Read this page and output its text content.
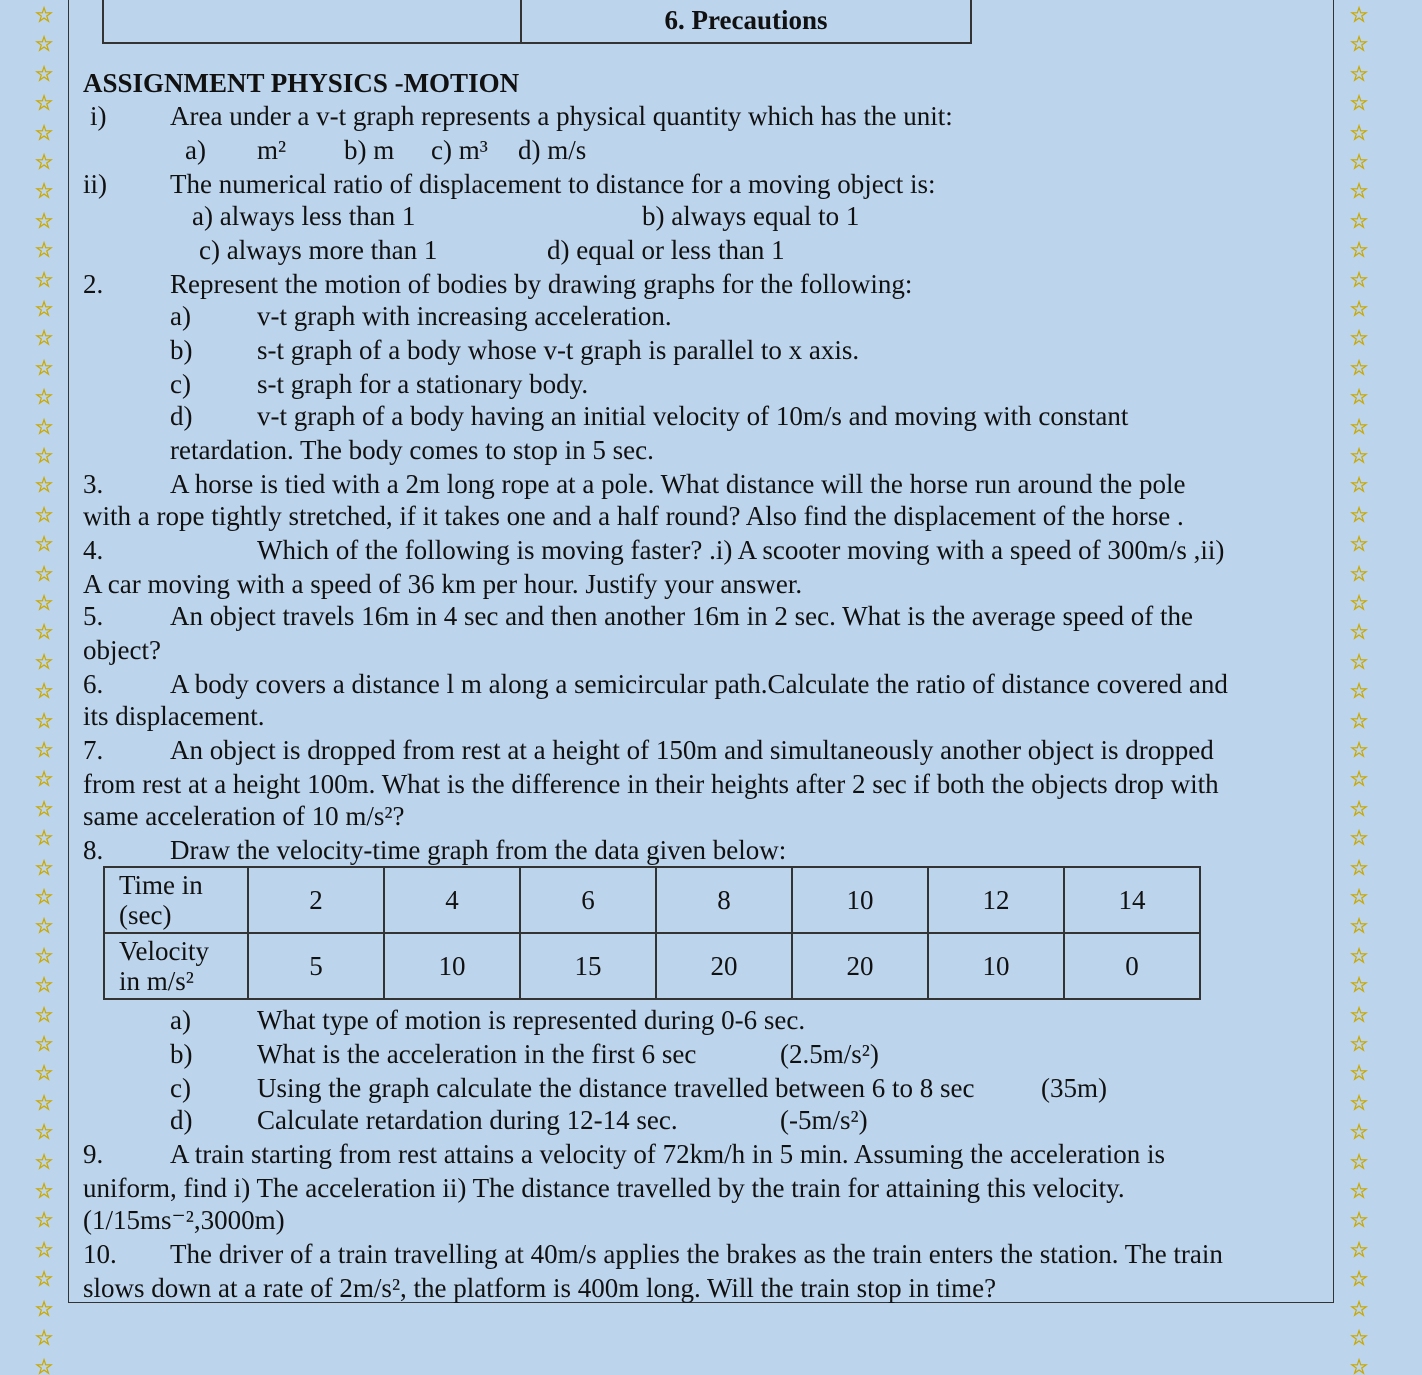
☆
☆
☆
☆
☆
☆
☆
☆
☆
☆
☆
☆
☆
☆
☆
☆
☆
☆
☆
☆
☆
☆
☆
☆
☆
☆
☆
☆
☆
☆
☆
☆
☆
☆
☆
☆
☆
☆
☆
☆
☆
☆
☆
☆
☆
☆
☆
☆
☆
☆
☆
☆
☆
☆
☆
☆
☆
☆
☆
☆
☆
☆
☆
☆
☆
☆
☆
☆
☆
☆
☆
☆
☆
☆
☆
☆
☆
☆
☆
☆
☆
☆
☆
☆
☆
☆
☆
☆
☆
☆
☆
☆
☆
☆
	6. Precautions
ASSIGNMENT PHYSICS -MOTION
i) Area under a v-t graph represents a physical quantity which has the unit:
a) m² b) m c) m³ d) m/s
ii) The numerical ratio of displacement to distance for a moving object is:
a) always less than 1	b) always equal to 1
c) always more than 1	d) equal or less than 1
2. Represent the motion of bodies by drawing graphs for the following:
a) v-t graph with increasing acceleration.
b) s-t graph of a body whose v-t graph is parallel to x axis.
c) s-t graph for a stationary body.
d) v-t graph of a body having an initial velocity of 10m/s and moving with constant
retardation. The body comes to stop in 5 sec.
3. A horse is tied with a 2m long rope at a pole. What distance will the horse run around the pole
with a rope tightly stretched, if it takes one and a half round? Also find the displacement of the horse .
4.	Which of the following is moving faster? .i) A scooter moving with a speed of 300m/s ,ii)
A car moving with a speed of 36 km per hour. Justify your answer.
5. An object travels 16m in 4 sec and then another 16m in 2 sec. What is the average speed of the
object?
6. A body covers a distance l m along a semicircular path.Calculate the ratio of distance covered and
its displacement.
7. An object is dropped from rest at a height of 150m and simultaneously another object is dropped
from rest at a height 100m. What is the difference in their heights after 2 sec if both the objects drop with
same acceleration of 10 m/s²?
8. Draw the velocity-time graph from the data given below:
Time in
(sec)	2	4	6	8	10	12	14
Velocity
in m/s²	5	10	15	20	20	10	0
a) What type of motion is represented during 0-6 sec.
b) What is the acceleration in the first 6 sec	(2.5m/s²)
c) Using the graph calculate the distance travelled between 6 to 8 sec (35m)
d) Calculate retardation during 12-14 sec.	(-5m/s²)
9. A train starting from rest attains a velocity of 72km/h in 5 min. Assuming the acceleration is
uniform, find i) The acceleration ii) The distance travelled by the train for attaining this velocity.
(1/15ms⁻²,3000m)
10. The driver of a train travelling at 40m/s applies the brakes as the train enters the station. The train
slows down at a rate of 2m/s², the platform is 400m long. Will the train stop in time?
